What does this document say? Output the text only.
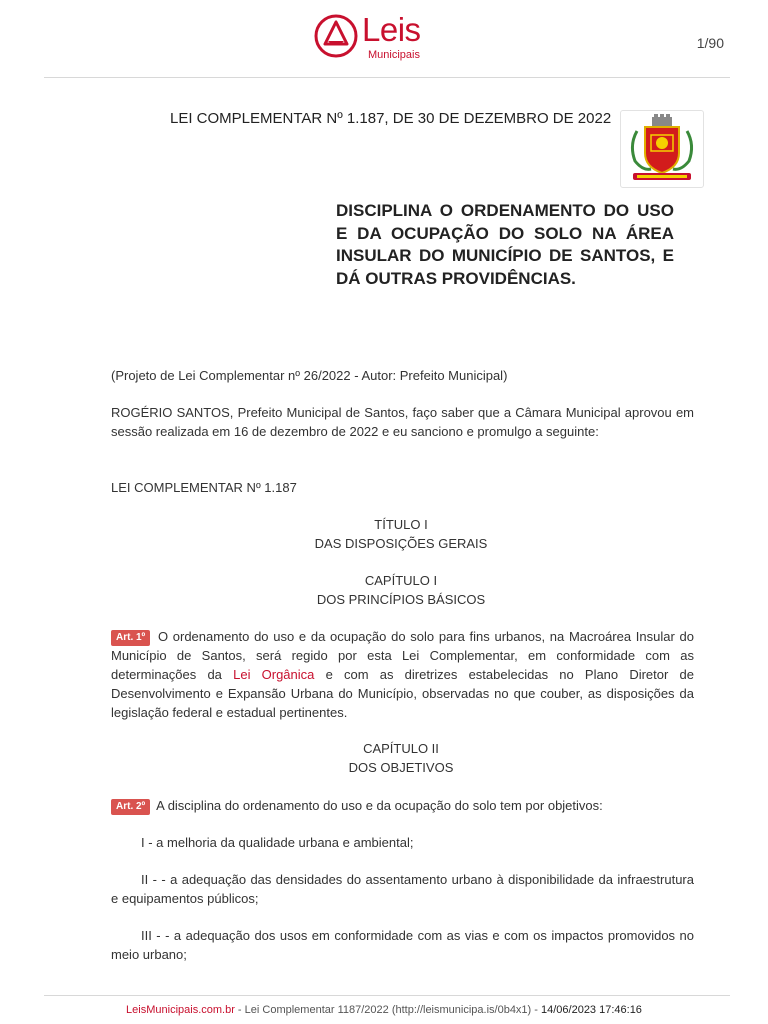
Leis
Municipais
1/90
LEI COMPLEMENTAR Nº 1.187, DE 30 DE DEZEMBRO DE 2022
DISCIPLINA O ORDENAMENTO DO USO E DA OCUPAÇÃO DO SOLO NA ÁREA INSULAR DO MUNICÍPIO DE SANTOS, E DÁ OUTRAS PROVIDÊNCIAS.
(Projeto de Lei Complementar nº 26/2022 - Autor: Prefeito Municipal)
ROGÉRIO SANTOS, Prefeito Municipal de Santos, faço saber que a Câmara Municipal aprovou em sessão realizada em 16 de dezembro de 2022 e eu sanciono e promulgo a seguinte:
LEI COMPLEMENTAR Nº 1.187
TÍTULO I
DAS DISPOSIÇÕES GERAIS
CAPÍTULO I
DOS PRINCÍPIOS BÁSICOS
Art. 1º O ordenamento do uso e da ocupação do solo para fins urbanos, na Macroárea Insular do Município de Santos, será regido por esta Lei Complementar, em conformidade com as determinações da Lei Orgânica e com as diretrizes estabelecidas no Plano Diretor de Desenvolvimento e Expansão Urbana do Município, observadas no que couber, as disposições da legislação federal e estadual pertinentes.
CAPÍTULO II
DOS OBJETIVOS
Art. 2º A disciplina do ordenamento do uso e da ocupação do solo tem por objetivos:
I - a melhoria da qualidade urbana e ambiental;
II - - a adequação das densidades do assentamento urbano à disponibilidade da infraestrutura e equipamentos públicos;
III - - a adequação dos usos em conformidade com as vias e com os impactos promovidos no meio urbano;
LeisMunicipais.com.br - Lei Complementar 1187/2022 (http://leismunicipa.is/0b4x1) - 14/06/2023 17:46:16
